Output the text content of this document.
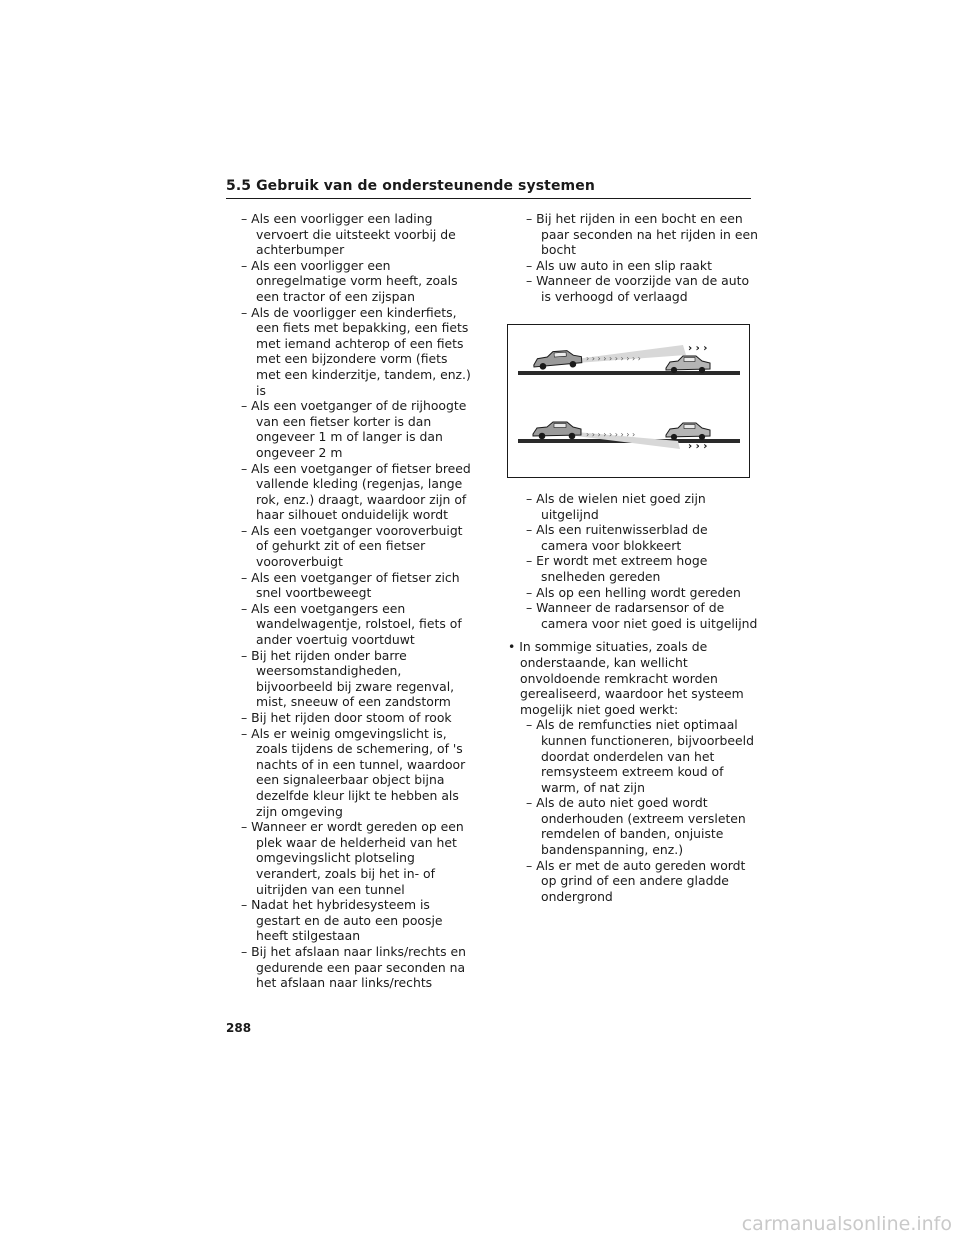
5.5 Gebruik van de ondersteunende systemen
– Als een voorligger een lading vervoert die uitsteekt voorbij de achterbumper
– Als een voorligger een onregelmatige vorm heeft, zoals een tractor of een zijspan
– Als de voorligger een kinderfiets, een fiets met bepakking, een fiets met iemand achterop of een fiets met een bijzondere vorm (fiets met een kinderzitje, tandem, enz.) is
– Als een voetganger of de rijhoogte van een fietser korter is dan ongeveer 1 m of langer is dan ongeveer 2 m
– Als een voetganger of fietser breed vallende kleding (regenjas, lange rok, enz.) draagt, waardoor zijn of haar silhouet onduidelijk wordt
– Als een voetganger vooroverbuigt of gehurkt zit of een fietser vooroverbuigt
– Als een voetganger of fietser zich snel voortbeweegt
– Als een voetgangers een wandelwagentje, rolstoel, fiets of ander voertuig voortduwt
– Bij het rijden onder barre weersomstandigheden, bijvoorbeeld bij zware regenval, mist, sneeuw of een zandstorm
– Bij het rijden door stoom of rook
– Als er weinig omgevingslicht is, zoals tijdens de schemering, of 's nachts of in een tunnel, waardoor een signaleerbaar object bijna dezelfde kleur lijkt te hebben als zijn omgeving
– Wanneer er wordt gereden op een plek waar de helderheid van het omgevingslicht plotseling verandert, zoals bij het in- of uitrijden van een tunnel
– Nadat het hybridesysteem is gestart en de auto een poosje heeft stilgestaan
– Bij het afslaan naar links/rechts en gedurende een paar seconden na het afslaan naar links/rechts
– Bij het rijden in een bocht en een paar seconden na het rijden in een bocht
– Als uw auto in een slip raakt
– Wanneer de voorzijde van de auto is verhoogd of verlaagd
› › › › › › › › › ›
› › ›
› › › › › › › › ›
› › ›
– Als de wielen niet goed zijn uitgelijnd
– Als een ruitenwisserblad de camera voor blokkeert
– Er wordt met extreem hoge snelheden gereden
– Als op een helling wordt gereden
– Wanneer de radarsensor of de camera voor niet goed is uitgelijnd
• In sommige situaties, zoals de onderstaande, kan wellicht onvoldoende remkracht worden gerealiseerd, waardoor het systeem mogelijk niet goed werkt:
– Als de remfuncties niet optimaal kunnen functioneren, bijvoorbeeld doordat onderdelen van het remsysteem extreem koud of warm, of nat zijn
– Als de auto niet goed wordt onderhouden (extreem versleten remdelen of banden, onjuiste bandenspanning, enz.)
– Als er met de auto gereden wordt op grind of een andere gladde ondergrond
288
carmanualsonline.info
